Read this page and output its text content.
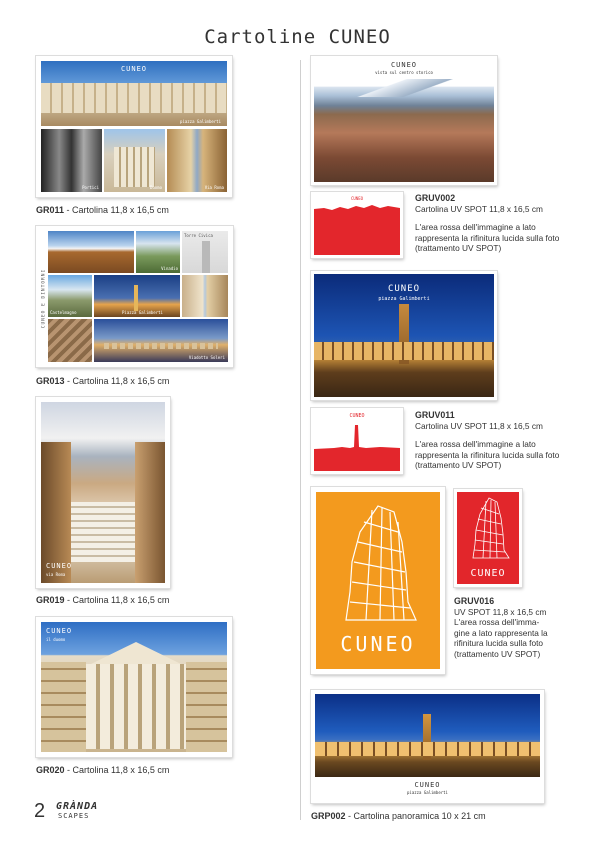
Cartoline CUNEO
CUNEO
piazza Galimberti
Portici	Duomo	Via Roma
GR011 - Cartolina 11,8 x 16,5 cm
CUNEO E DINTORNI
Vinadio
Torre Civica
Castelmagno	Piazza Galimberti
Viadotto Soleri
GR013 - Cartolina 11,8 x 16,5 cm
CUNEO
via Roma
GR019 - Cartolina 11,8 x 16,5 cm
CUNEO
il duomo
GR020 - Cartolina 11,8 x 16,5 cm
2 GRÀNDA
SCAPES
CUNEO
vista sul centro storico
CUNEO	GRUV002
Cartolina UV SPOT 11,8 x 16,5 cm
L'area rossa dell'immagine a lato
rappresenta la rifinitura lucida sulla foto
(trattamento UV SPOT)
CUNEO
piazza Galimberti
CUNEO	GRUV011
Cartolina UV SPOT 11,8 x 16,5 cm
L'area rossa dell'immagine a lato
rappresenta la rifinitura lucida sulla foto
(trattamento UV SPOT)
CUNEO
CUNEO
GRUV016
UV SPOT 11,8 x 16,5 cm
L'area rossa dell'imma-
gine a lato rappresenta la
rifinitura lucida sulla foto
(trattamento UV SPOT)
CUNEO
piazza Galimberti
GRP002 - Cartolina panoramica 10 x 21 cm
